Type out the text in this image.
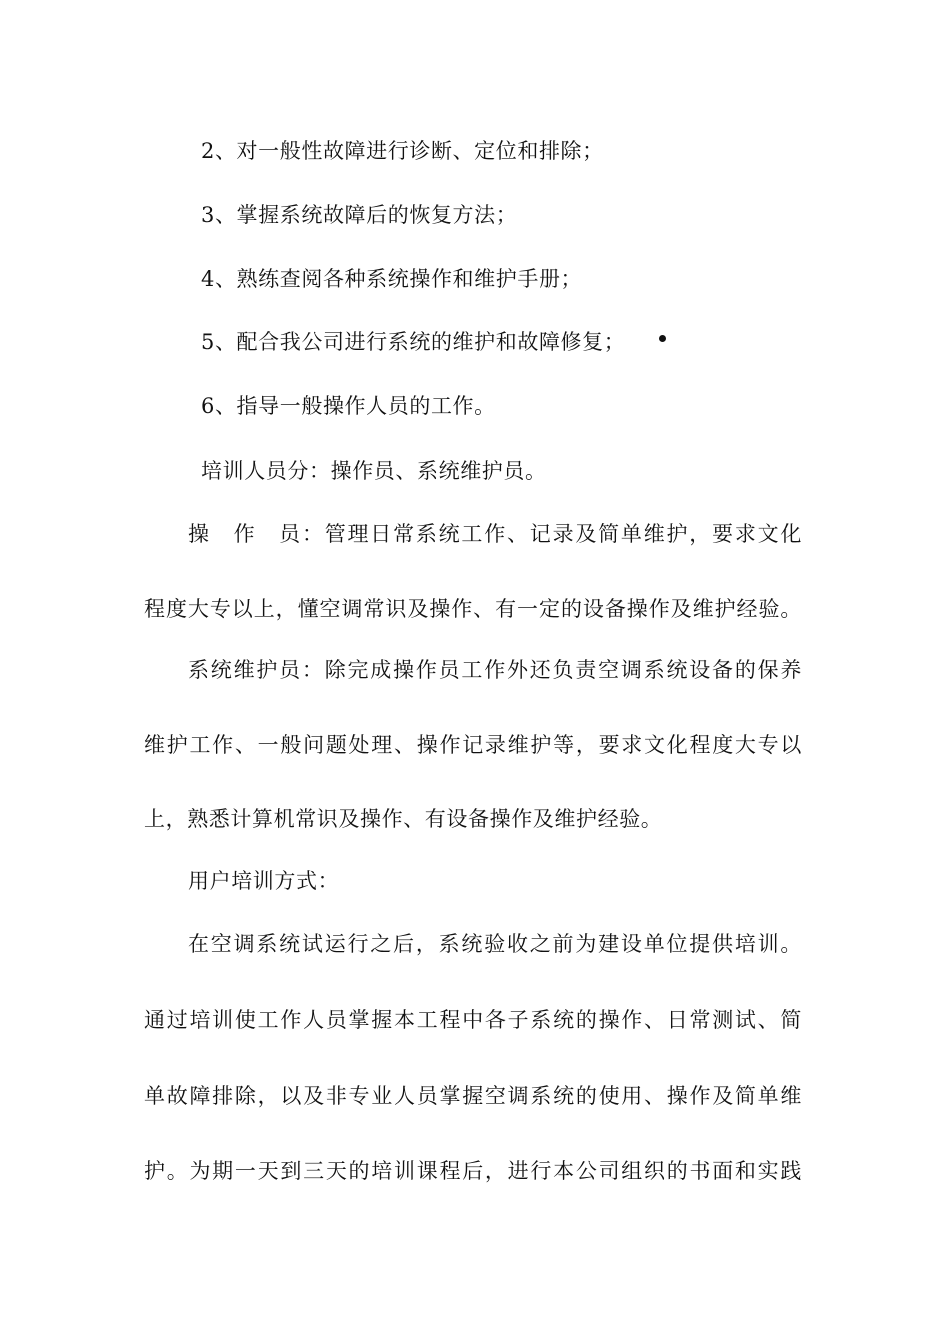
2、对一般性故障进行诊断、定位和排除；
3、掌握系统故障后的恢复方法；
4、熟练查阅各种系统操作和维护手册；
5、配合我公司进行系统的维护和故障修复；
6、指导一般操作人员的工作。
培训人员分：操作员、系统维护员。
操　作　员：管理日常系统工作、记录及简单维护，要求文化
程度大专以上，懂空调常识及操作、有一定的设备操作及维护经验。
系统维护员：除完成操作员工作外还负责空调系统设备的保养
维护工作、一般问题处理、操作记录维护等，要求文化程度大专以
上，熟悉计算机常识及操作、有设备操作及维护经验。
用户培训方式：
在空调系统试运行之后，系统验收之前为建设单位提供培训。
通过培训使工作人员掌握本工程中各子系统的操作、日常测试、简
单故障排除，以及非专业人员掌握空调系统的使用、操作及简单维
护。为期一天到三天的培训课程后，进行本公司组织的书面和实践
